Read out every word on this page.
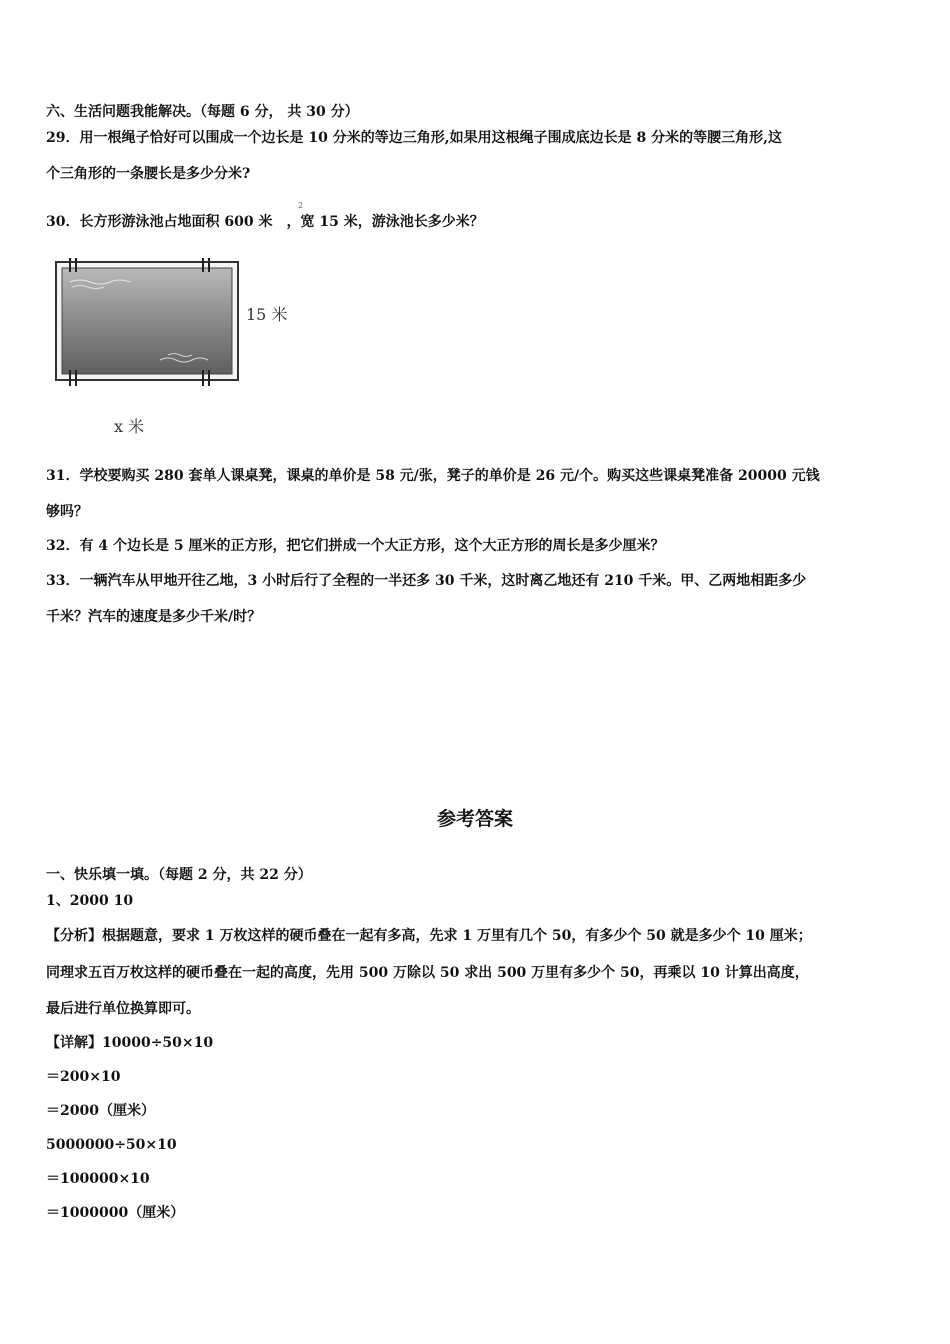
六、生活问题我能解决。（每题 6 分， 共 30 分）
29．用一根绳子恰好可以围成一个边长是 10 分米的等边三角形,如果用这根绳子围成底边长是 8 分米的等腰三角形,这
个三角形的一条腰长是多少分米?
30．长方形游泳池占地面积 600 米 ，宽 15 米，游泳池长多少米？
2
15 米
x 米
31．学校要购买 280 套单人课桌凳，课桌的单价是 58 元/张，凳子的单价是 26 元/个。购买这些课桌凳准备 20000 元钱
够吗？
32．有 4 个边长是 5 厘米的正方形，把它们拼成一个大正方形，这个大正方形的周长是多少厘米？
33．一辆汽车从甲地开往乙地，3 小时后行了全程的一半还多 30 千米，这时离乙地还有 210 千米。甲、乙两地相距多少
千米？汽车的速度是多少千米/时？
参考答案
一、快乐填一填。（每题 2 分，共 22 分）
1、2000 10
【分析】根据题意，要求 1 万枚这样的硬币叠在一起有多高，先求 1 万里有几个 50，有多少个 50 就是多少个 10 厘米；
同理求五百万枚这样的硬币叠在一起的高度，先用 500 万除以 50 求出 500 万里有多少个 50，再乘以 10 计算出高度，
最后进行单位换算即可。
【详解】10000÷50×10
＝200×10
＝2000（厘米）
5000000÷50×10
＝100000×10
＝1000000（厘米）
